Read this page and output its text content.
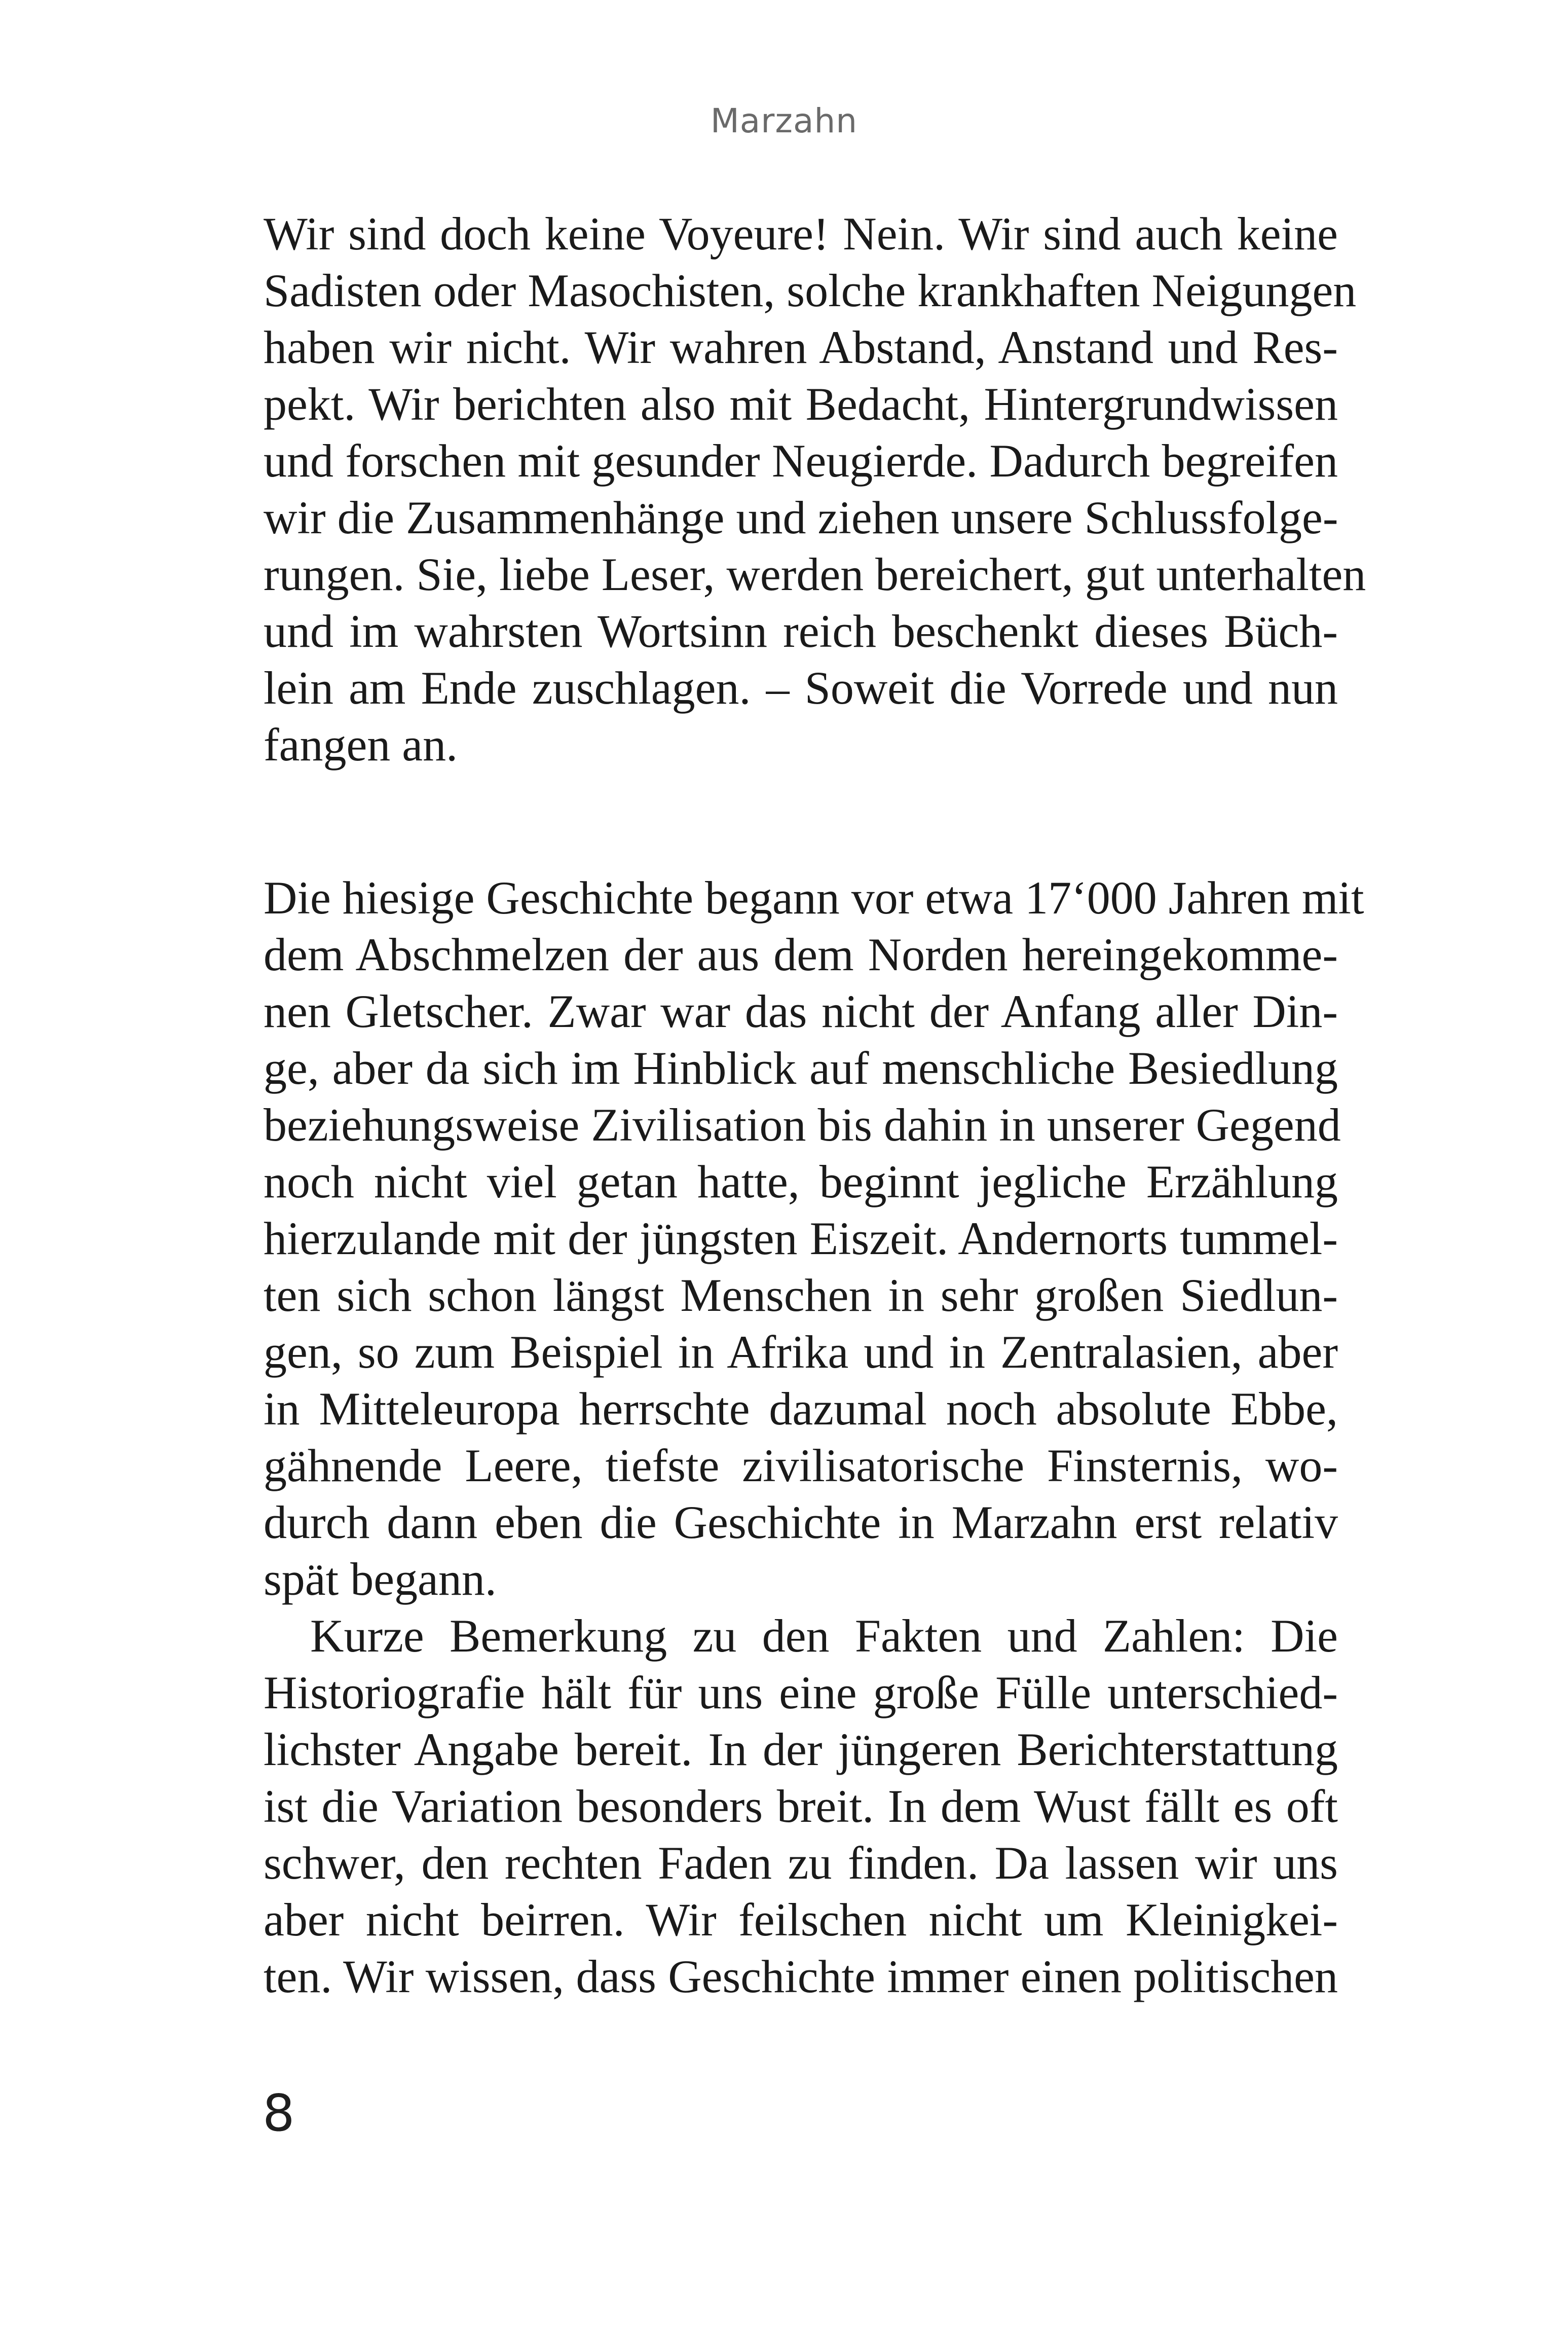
Marzahn
Wir sind doch keine Voyeure! Nein. Wir sind auch keine
Sadisten oder Masochisten, solche krankhaften Neigungen
haben wir nicht. Wir wahren Abstand, Anstand und Res-
pekt. Wir berichten also mit Bedacht, Hintergrundwissen
und forschen mit gesunder Neugierde. Dadurch begreifen
wir die Zusammenhänge und ziehen unsere Schlussfolge-
rungen. Sie, liebe Leser, werden bereichert, gut unterhalten
und im wahrsten Wortsinn reich beschenkt dieses Büch-
lein am Ende zuschlagen. – Soweit die Vorrede und nun
fangen an.
Die hiesige Geschichte begann vor etwa 17‘000 Jahren mit
dem Abschmelzen der aus dem Norden hereingekomme-
nen Gletscher. Zwar war das nicht der Anfang aller Din-
ge, aber da sich im Hinblick auf menschliche Besiedlung
beziehungsweise Zivilisation bis dahin in unserer Gegend
noch nicht viel getan hatte, beginnt jegliche Erzählung
hierzulande mit der jüngsten Eiszeit. Andernorts tummel-
ten sich schon längst Menschen in sehr großen Siedlun-
gen, so zum Beispiel in Afrika und in Zentralasien, aber
in Mitteleuropa herrschte dazumal noch absolute Ebbe,
gähnende Leere, tiefste zivilisatorische Finsternis, wo-
durch dann eben die Geschichte in Marzahn erst relativ
spät begann.
Kurze Bemerkung zu den Fakten und Zahlen: Die
Historiografie hält für uns eine große Fülle unterschied-
lichster Angabe bereit. In der jüngeren Berichterstattung
ist die Variation besonders breit. In dem Wust fällt es oft
schwer, den rechten Faden zu finden. Da lassen wir uns
aber nicht beirren. Wir feilschen nicht um Kleinigkei-
ten. Wir wissen, dass Geschichte immer einen politischen
8
